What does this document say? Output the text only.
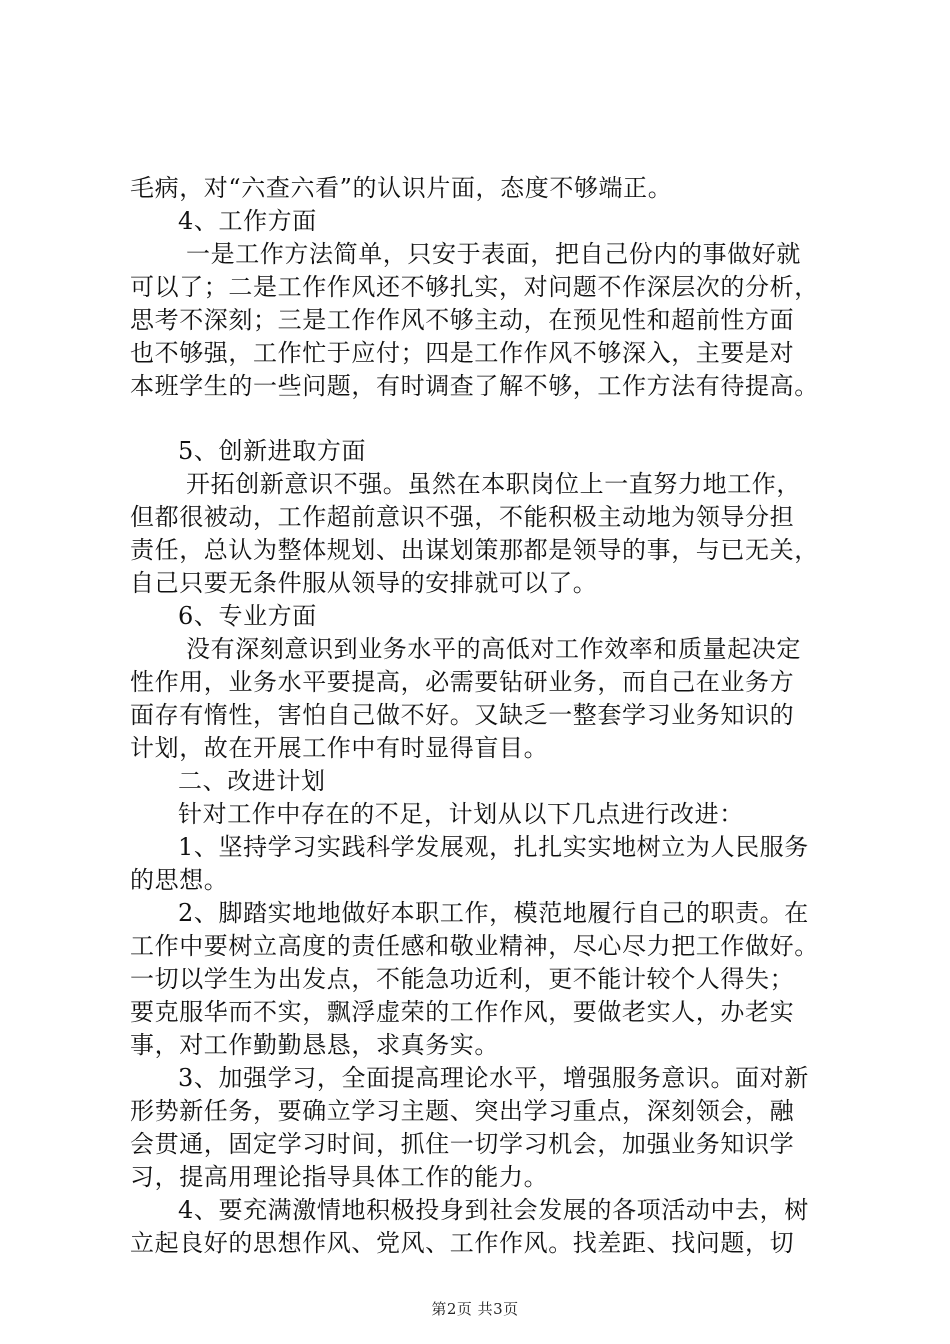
毛病，对“六查六看”的认识片面，态度不够端正。
4、工作方面
一是工作方法简单，只安于表面，把自己份内的事做好就
可以了；二是工作作风还不够扎实，对问题不作深层次的分析，
思考不深刻；三是工作作风不够主动，在预见性和超前性方面
也不够强，工作忙于应付；四是工作作风不够深入，主要是对
本班学生的一些问题，有时调查了解不够，工作方法有待提高。
5、创新进取方面
开拓创新意识不强。虽然在本职岗位上一直努力地工作，
但都很被动，工作超前意识不强，不能积极主动地为领导分担
责任，总认为整体规划、出谋划策那都是领导的事，与已无关，
自己只要无条件服从领导的安排就可以了。
6、专业方面
没有深刻意识到业务水平的高低对工作效率和质量起决定
性作用，业务水平要提高，必需要钻研业务，而自己在业务方
面存有惰性，害怕自己做不好。又缺乏一整套学习业务知识的
计划，故在开展工作中有时显得盲目。
二、改进计划
针对工作中存在的不足，计划从以下几点进行改进：
1、坚持学习实践科学发展观，扎扎实实地树立为人民服务
的思想。
2、脚踏实地地做好本职工作，模范地履行自己的职责。在
工作中要树立高度的责任感和敬业精神，尽心尽力把工作做好。
一切以学生为出发点，不能急功近利，更不能计较个人得失；
要克服华而不实，飘浮虚荣的工作作风，要做老实人，办老实
事，对工作勤勤恳恳，求真务实。
3、加强学习，全面提高理论水平，增强服务意识。面对新
形势新任务，要确立学习主题、突出学习重点，深刻领会，融
会贯通，固定学习时间，抓住一切学习机会，加强业务知识学
习，提高用理论指导具体工作的能力。
4、要充满激情地积极投身到社会发展的各项活动中去，树
立起良好的思想作风、党风、工作作风。找差距、找问题，切
第2页 共3页
